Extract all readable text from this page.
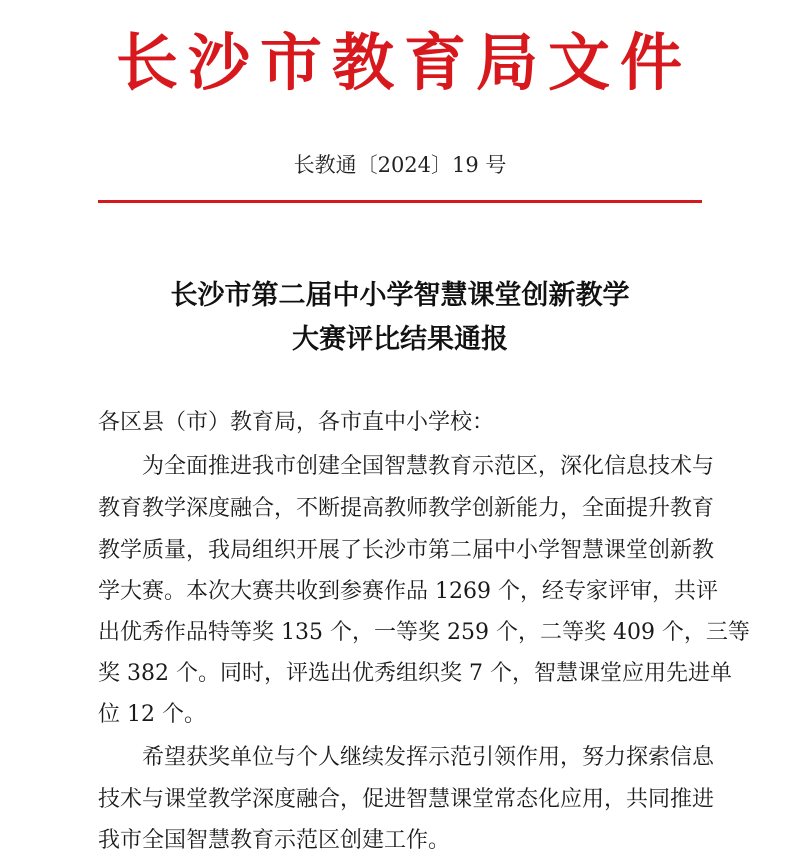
长沙市教育局文件
长教通〔2024〕19 号
长沙市第二届中小学智慧课堂创新教学
大赛评比结果通报
各区县（市）教育局，各市直中小学校：
为全面推进我市创建全国智慧教育示范区，深化信息技术与
教育教学深度融合，不断提高教师教学创新能力，全面提升教育
教学质量，我局组织开展了长沙市第二届中小学智慧课堂创新教
学大赛。本次大赛共收到参赛作品 1269 个，经专家评审，共评
出优秀作品特等奖 135 个，一等奖 259 个，二等奖 409 个，三等
奖 382 个。同时，评选出优秀组织奖 7 个，智慧课堂应用先进单
位 12 个。
希望获奖单位与个人继续发挥示范引领作用，努力探索信息
技术与课堂教学深度融合，促进智慧课堂常态化应用，共同推进
我市全国智慧教育示范区创建工作。
